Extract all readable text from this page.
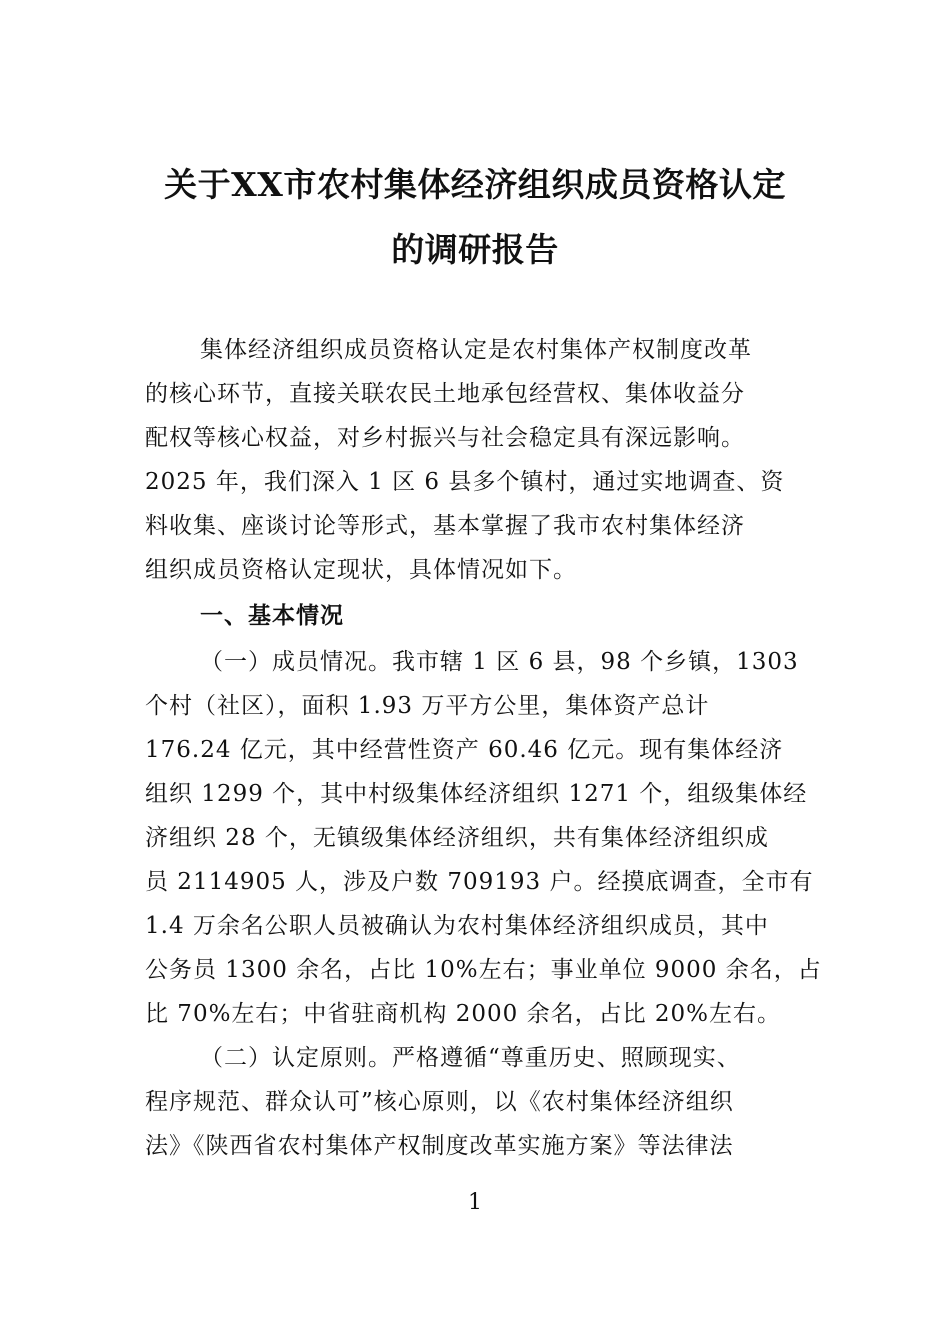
关于XX市农村集体经济组织成员资格认定
的调研报告
集体经济组织成员资格认定是农村集体产权制度改革
的核心环节，直接关联农民土地承包经营权、集体收益分
配权等核心权益，对乡村振兴与社会稳定具有深远影响。
2025 年，我们深入 1 区 6 县多个镇村，通过实地调查、资
料收集、座谈讨论等形式，基本掌握了我市农村集体经济
组织成员资格认定现状，具体情况如下。
一、基本情况
（一）成员情况。我市辖 1 区 6 县，98 个乡镇，1303
个村（社区），面积 1.93 万平方公里，集体资产总计
176.24 亿元，其中经营性资产 60.46 亿元。现有集体经济
组织 1299 个，其中村级集体经济组织 1271 个，组级集体经
济组织 28 个，无镇级集体经济组织，共有集体经济组织成
员 2114905 人，涉及户数 709193 户。经摸底调查，全市有
1.4 万余名公职人员被确认为农村集体经济组织成员，其中
公务员 1300 余名，占比 10%左右；事业单位 9000 余名，占
比 70%左右；中省驻商机构 2000 余名，占比 20%左右。
（二）认定原则。严格遵循“尊重历史、照顾现实、
程序规范、群众认可”核心原则，以《农村集体经济组织
法》《陕西省农村集体产权制度改革实施方案》等法律法
1
